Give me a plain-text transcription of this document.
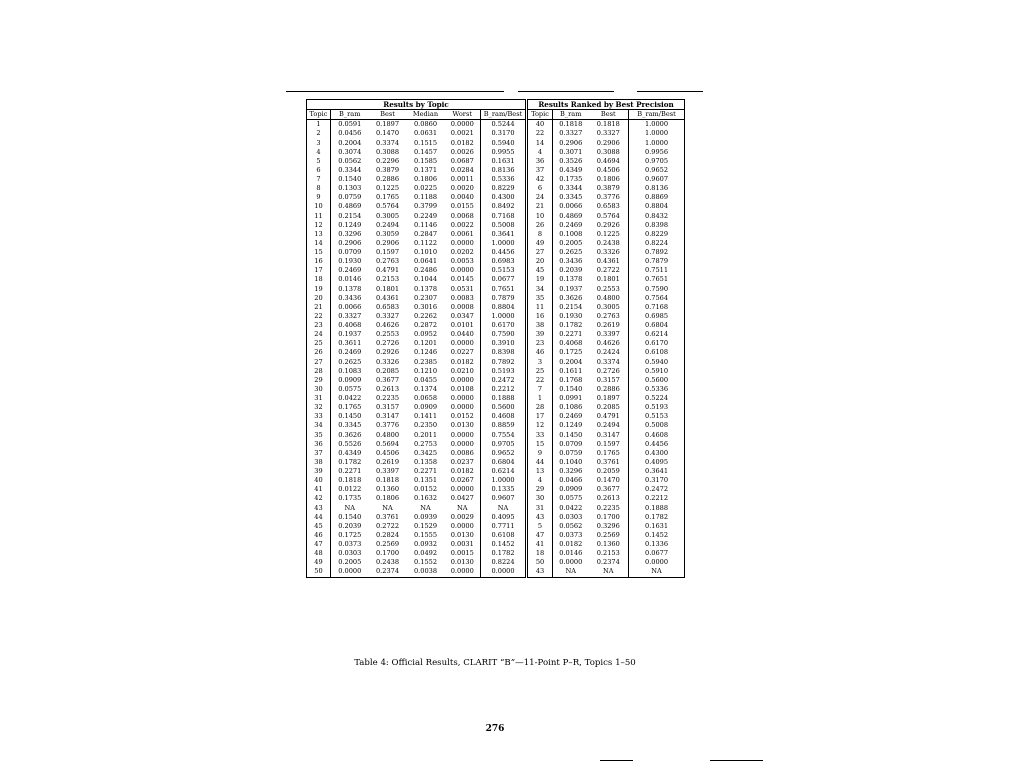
Results by Topic						Results Ranked by Best Precision			
Topic	B_ram	Best	Median	Worst	B_ram/Best	Topic	B_ram	Best	B_ram/Best
1	0.0591	0.1897	0.0860	0.0000	0.5244	40	0.1818	0.1818	1.0000
2	0.0456	0.1470	0.0631	0.0021	0.3170	22	0.3327	0.3327	1.0000
3	0.2004	0.3374	0.1515	0.0182	0.5940	14	0.2906	0.2906	1.0000
4	0.3074	0.3088	0.1457	0.0026	0.9955	4	0.3071	0.3088	0.9956
5	0.0562	0.2296	0.1585	0.0687	0.1631	36	0.3526	0.4694	0.9705
6	0.3344	0.3879	0.1371	0.0284	0.8136	37	0.4349	0.4506	0.9652
7	0.1540	0.2886	0.1806	0.0011	0.5336	42	0.1735	0.1806	0.9607
8	0.1303	0.1225	0.0225	0.0020	0.8229	6	0.3344	0.3879	0.8136
9	0.0759	0.1765	0.1188	0.0040	0.4300	24	0.3345	0.3776	0.8869
10	0.4869	0.5764	0.3799	0.0155	0.8492	21	0.0066	0.6583	0.8804
11	0.2154	0.3005	0.2249	0.0068	0.7168	10	0.4869	0.5764	0.8432
12	0.1249	0.2494	0.1146	0.0022	0.5008	26	0.2469	0.2926	0.8398
13	0.3296	0.3059	0.2847	0.0061	0.3641	8	0.1008	0.1225	0.8229
14	0.2906	0.2906	0.1122	0.0000	1.0000	49	0.2005	0.2438	0.8224
15	0.0709	0.1597	0.1010	0.0202	0.4456	27	0.2625	0.3326	0.7892
16	0.1930	0.2763	0.0641	0.0053	0.6983	20	0.3436	0.4361	0.7879
17	0.2469	0.4791	0.2486	0.0000	0.5153	45	0.2039	0.2722	0.7511
18	0.0146	0.2153	0.1044	0.0145	0.0677	19	0.1378	0.1801	0.7651
19	0.1378	0.1801	0.1378	0.0531	0.7651	34	0.1937	0.2553	0.7590
20	0.3436	0.4361	0.2307	0.0083	0.7879	35	0.3626	0.4800	0.7564
21	0.0066	0.6583	0.3016	0.0008	0.8804	11	0.2154	0.3005	0.7168
22	0.3327	0.3327	0.2262	0.0347	1.0000	16	0.1930	0.2763	0.6985
23	0.4068	0.4626	0.2872	0.0101	0.6170	38	0.1782	0.2619	0.6804
24	0.1937	0.2553	0.0952	0.0440	0.7590	39	0.2271	0.3397	0.6214
25	0.3611	0.2726	0.1201	0.0000	0.3910	23	0.4068	0.4626	0.6170
26	0.2469	0.2926	0.1246	0.0227	0.8398	46	0.1725	0.2424	0.6108
27	0.2625	0.3326	0.2385	0.0182	0.7892	3	0.2004	0.3374	0.5940
28	0.1083	0.2085	0.1210	0.0210	0.5193	25	0.1611	0.2726	0.5910
29	0.0909	0.3677	0.0455	0.0000	0.2472	22	0.1768	0.3157	0.5600
30	0.0575	0.2613	0.1374	0.0108	0.2212	7	0.1540	0.2886	0.5336
31	0.0422	0.2235	0.0658	0.0000	0.1888	1	0.0991	0.1897	0.5224
32	0.1765	0.3157	0.0909	0.0000	0.5600	28	0.1086	0.2085	0.5193
33	0.1450	0.3147	0.1411	0.0152	0.4608	17	0.2469	0.4791	0.5153
34	0.3345	0.3776	0.2350	0.0130	0.8859	12	0.1249	0.2494	0.5008
35	0.3626	0.4800	0.2011	0.0000	0.7554	33	0.1450	0.3147	0.4608
36	0.5526	0.5694	0.2753	0.0000	0.9705	15	0.0709	0.1597	0.4456
37	0.4349	0.4506	0.3425	0.0086	0.9652	9	0.0759	0.1765	0.4300
38	0.1782	0.2619	0.1358	0.0237	0.6804	44	0.1040	0.3761	0.4095
39	0.2271	0.3397	0.2271	0.0182	0.6214	13	0.3296	0.2059	0.3641
40	0.1818	0.1818	0.1351	0.0267	1.0000	4	0.0466	0.1470	0.3170
41	0.0122	0.1360	0.0152	0.0000	0.1335	29	0.0909	0.3677	0.2472
42	0.1735	0.1806	0.1632	0.0427	0.9607	30	0.0575	0.2613	0.2212
43	NA	NA	NA	NA	NA	31	0.0422	0.2235	0.1888
44	0.1540	0.3761	0.0939	0.0029	0.4095	43	0.0303	0.1700	0.1782
45	0.2039	0.2722	0.1529	0.0000	0.7711	5	0.0562	0.3296	0.1631
46	0.1725	0.2824	0.1555	0.0130	0.6108	47	0.0373	0.2569	0.1452
47	0.0373	0.2569	0.0932	0.0031	0.1452	41	0.0182	0.1360	0.1336
48	0.0303	0.1700	0.0492	0.0015	0.1782	18	0.0146	0.2153	0.0677
49	0.2005	0.2438	0.1552	0.0130	0.8224	50	0.0000	0.2374	0.0000
50	0.0000	0.2374	0.0038	0.0000	0.0000	43	NA	NA	NA
Table 4: Official Results, CLARIT “B”—11-Point P–R, Topics 1–50
276
